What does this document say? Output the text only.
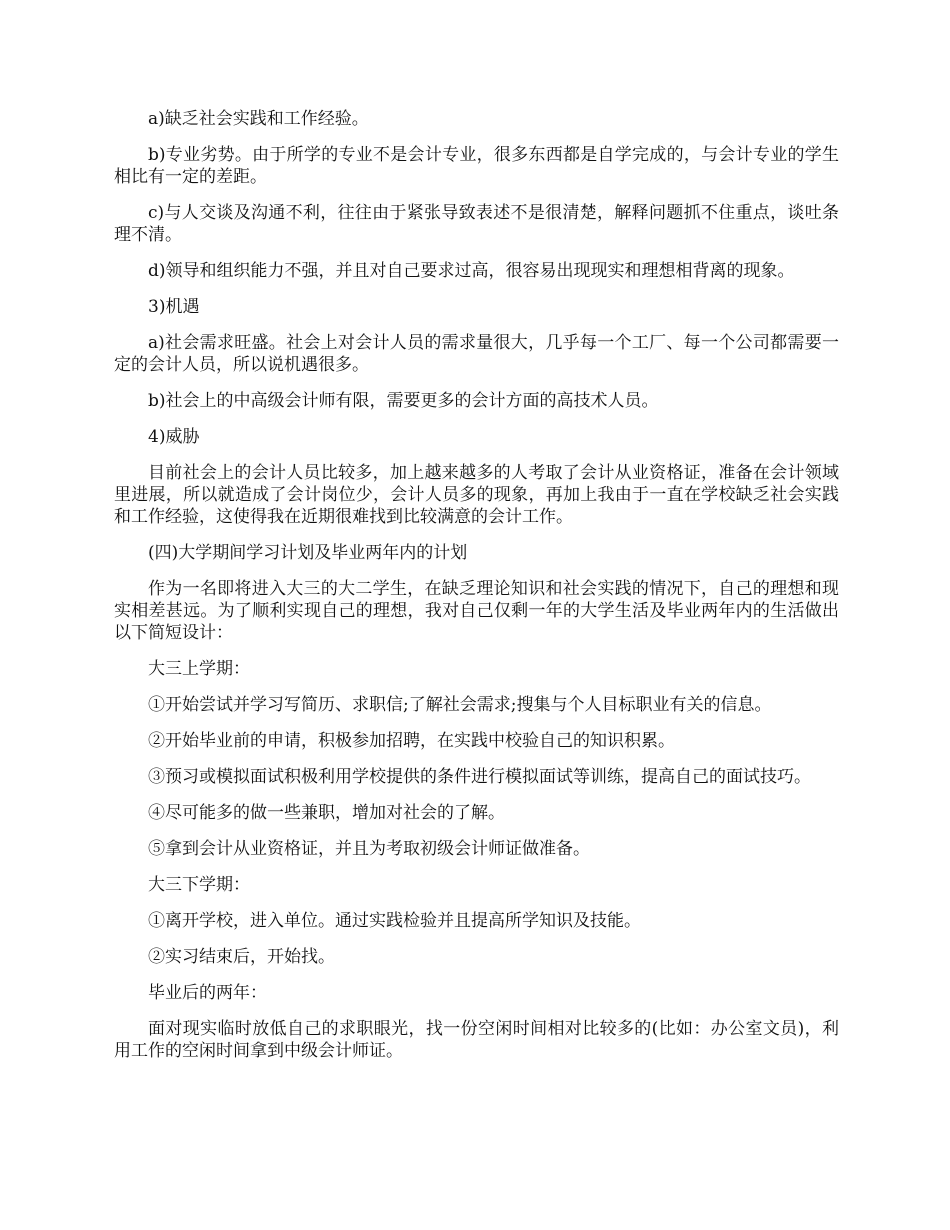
a)缺乏社会实践和工作经验。

b)专业劣势。由于所学的专业不是会计专业，很多东西都是自学完成的，与会计专业的学生相比有一定的差距。

c)与人交谈及沟通不利，往往由于紧张导致表述不是很清楚，解释问题抓不住重点，谈吐条理不清。

d)领导和组织能力不强，并且对自己要求过高，很容易出现现实和理想相背离的现象。

3)机遇

a)社会需求旺盛。社会上对会计人员的需求量很大，几乎每一个工厂、每一个公司都需要一定的会计人员，所以说机遇很多。

b)社会上的中高级会计师有限，需要更多的会计方面的高技术人员。

4)威胁

目前社会上的会计人员比较多，加上越来越多的人考取了会计从业资格证，准备在会计领域里进展，所以就造成了会计岗位少，会计人员多的现象，再加上我由于一直在学校缺乏社会实践和工作经验，这使得我在近期很难找到比较满意的会计工作。

(四)大学期间学习计划及毕业两年内的计划

作为一名即将进入大三的大二学生，在缺乏理论知识和社会实践的情况下，自己的理想和现实相差甚远。为了顺利实现自己的理想，我对自己仅剩一年的大学生活及毕业两年内的生活做出以下简短设计：

大三上学期：

①开始尝试并学习写简历、求职信;了解社会需求;搜集与个人目标职业有关的信息。

②开始毕业前的申请，积极参加招聘，在实践中校验自己的知识积累。

③预习或模拟面试积极利用学校提供的条件进行模拟面试等训练，提高自己的面试技巧。

④尽可能多的做一些兼职，增加对社会的了解。

⑤拿到会计从业资格证，并且为考取初级会计师证做准备。

大三下学期：

①离开学校，进入单位。通过实践检验并且提高所学知识及技能。

②实习结束后，开始找。

毕业后的两年：

面对现实临时放低自己的求职眼光，找一份空闲时间相对比较多的(比如：办公室文员)，利用工作的空闲时间拿到中级会计师证。
